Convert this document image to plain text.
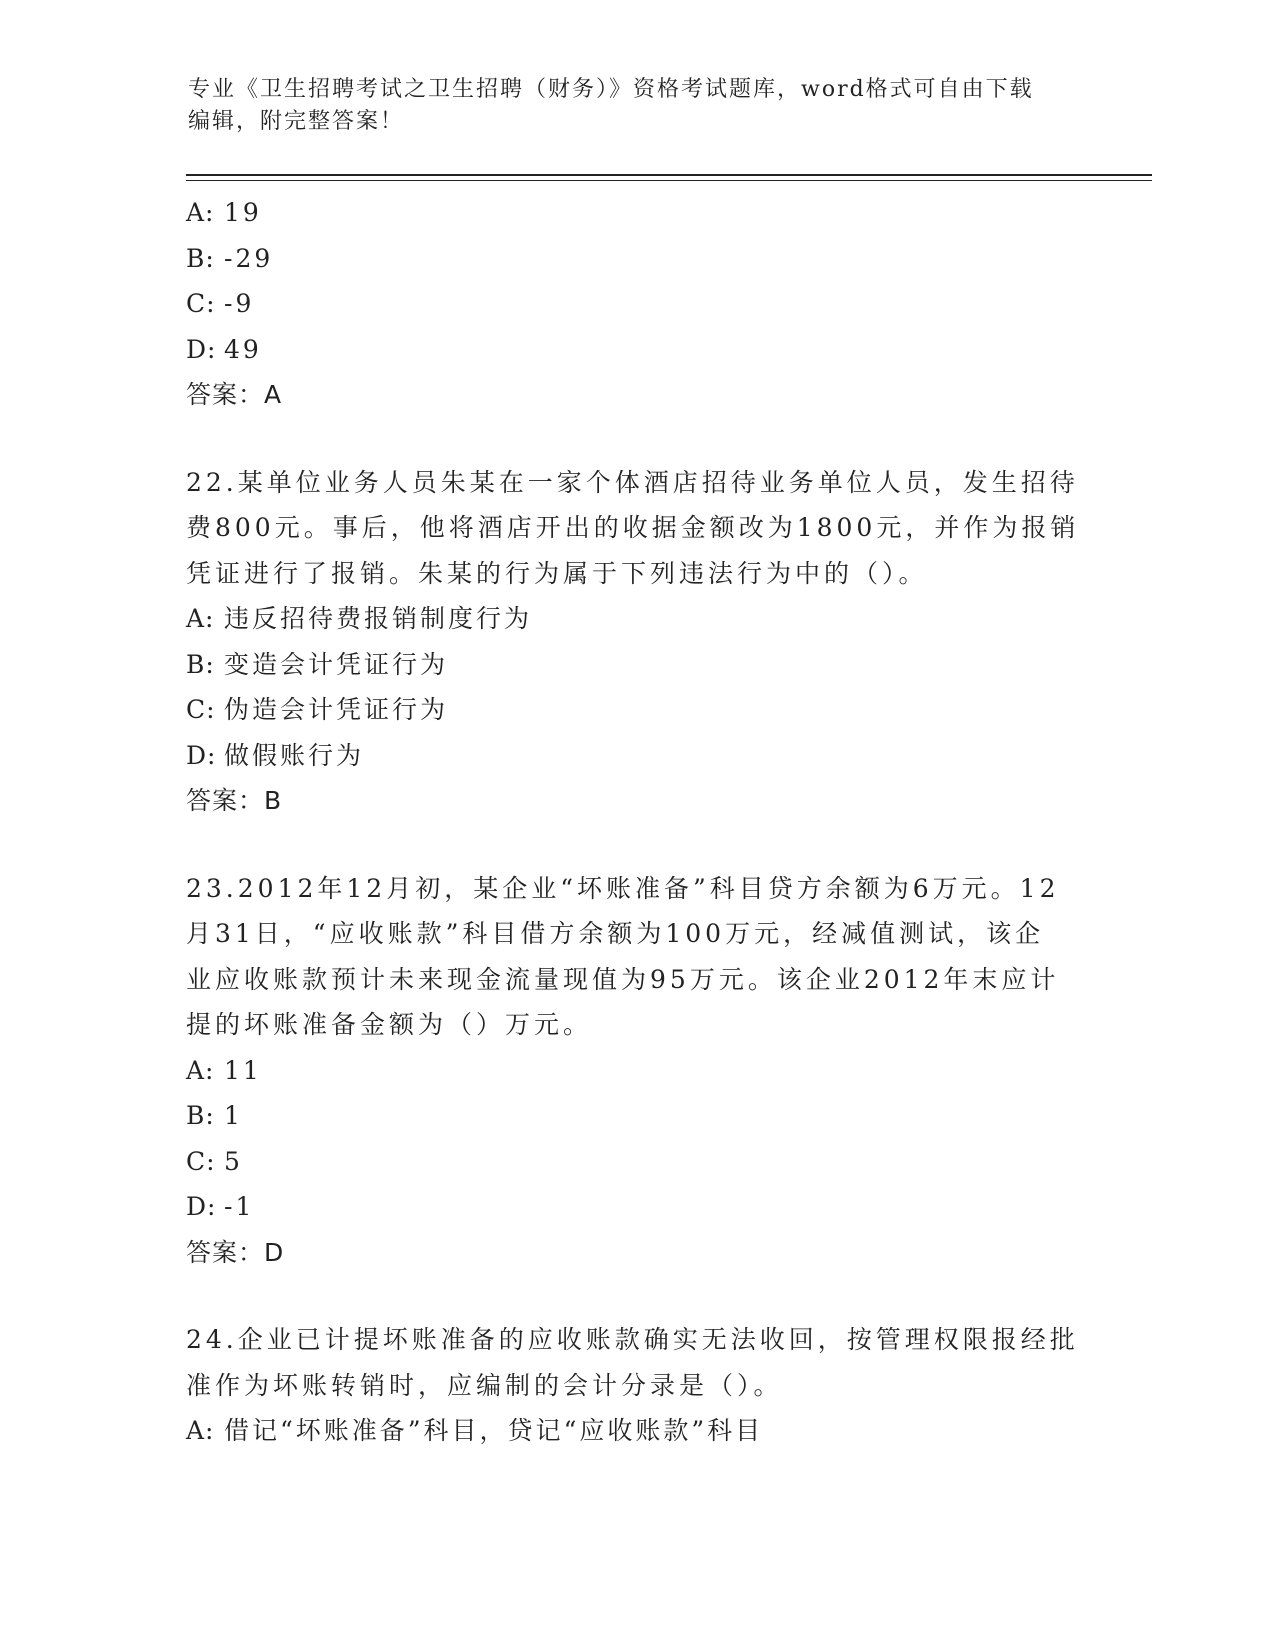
专业《卫生招聘考试之卫生招聘（财务）》资格考试题库，word格式可自由下载
编辑，附完整答案！
A: 19
B: -29
C: -9
D: 49
答案：A
22.某单位业务人员朱某在一家个体酒店招待业务单位人员，发生招待
费800元。事后，他将酒店开出的收据金额改为1800元，并作为报销
凭证进行了报销。朱某的行为属于下列违法行为中的（）。
A: 违反招待费报销制度行为
B: 变造会计凭证行为
C: 伪造会计凭证行为
D: 做假账行为
答案：B
23.2012年12月初，某企业“坏账准备”科目贷方余额为6万元。12
月31日，“应收账款”科目借方余额为100万元，经减值测试，该企
业应收账款预计未来现金流量现值为95万元。该企业2012年末应计
提的坏账准备金额为（）万元。
A: 11
B: 1
C: 5
D: -1
答案：D
24.企业已计提坏账准备的应收账款确实无法收回，按管理权限报经批
准作为坏账转销时，应编制的会计分录是（）。
A: 借记“坏账准备”科目，贷记“应收账款”科目
